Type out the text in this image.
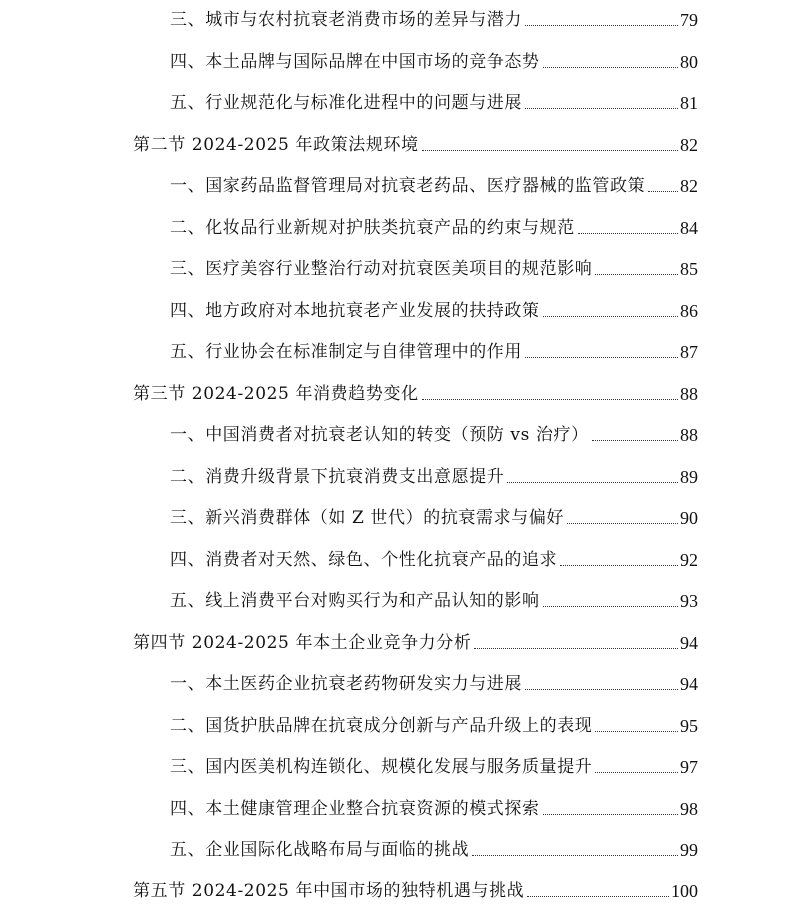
三、城市与农村抗衰老消费市场的差异与潜力	79
四、本土品牌与国际品牌在中国市场的竞争态势	80
五、行业规范化与标准化进程中的问题与进展	81
第二节 2024-2025 年政策法规环境	82
一、国家药品监督管理局对抗衰老药品、医疗器械的监管政策 82
二、化妆品行业新规对护肤类抗衰产品的约束与规范	84
三、医疗美容行业整治行动对抗衰医美项目的规范影响	85
四、地方政府对本地抗衰老产业发展的扶持政策	86
五、行业协会在标准制定与自律管理中的作用	87
第三节 2024-2025 年消费趋势变化	88
一、中国消费者对抗衰老认知的转变（预防 vs 治疗）	88
二、消费升级背景下抗衰消费支出意愿提升	89
三、新兴消费群体（如 Z 世代）的抗衰需求与偏好	90
四、消费者对天然、绿色、个性化抗衰产品的追求	92
五、线上消费平台对购买行为和产品认知的影响	93
第四节 2024-2025 年本土企业竞争力分析	94
一、本土医药企业抗衰老药物研发实力与进展	94
二、国货护肤品牌在抗衰成分创新与产品升级上的表现	95
三、国内医美机构连锁化、规模化发展与服务质量提升	97
四、本土健康管理企业整合抗衰资源的模式探索	98
五、企业国际化战略布局与面临的挑战	99
第五节 2024-2025 年中国市场的独特机遇与挑战	100
